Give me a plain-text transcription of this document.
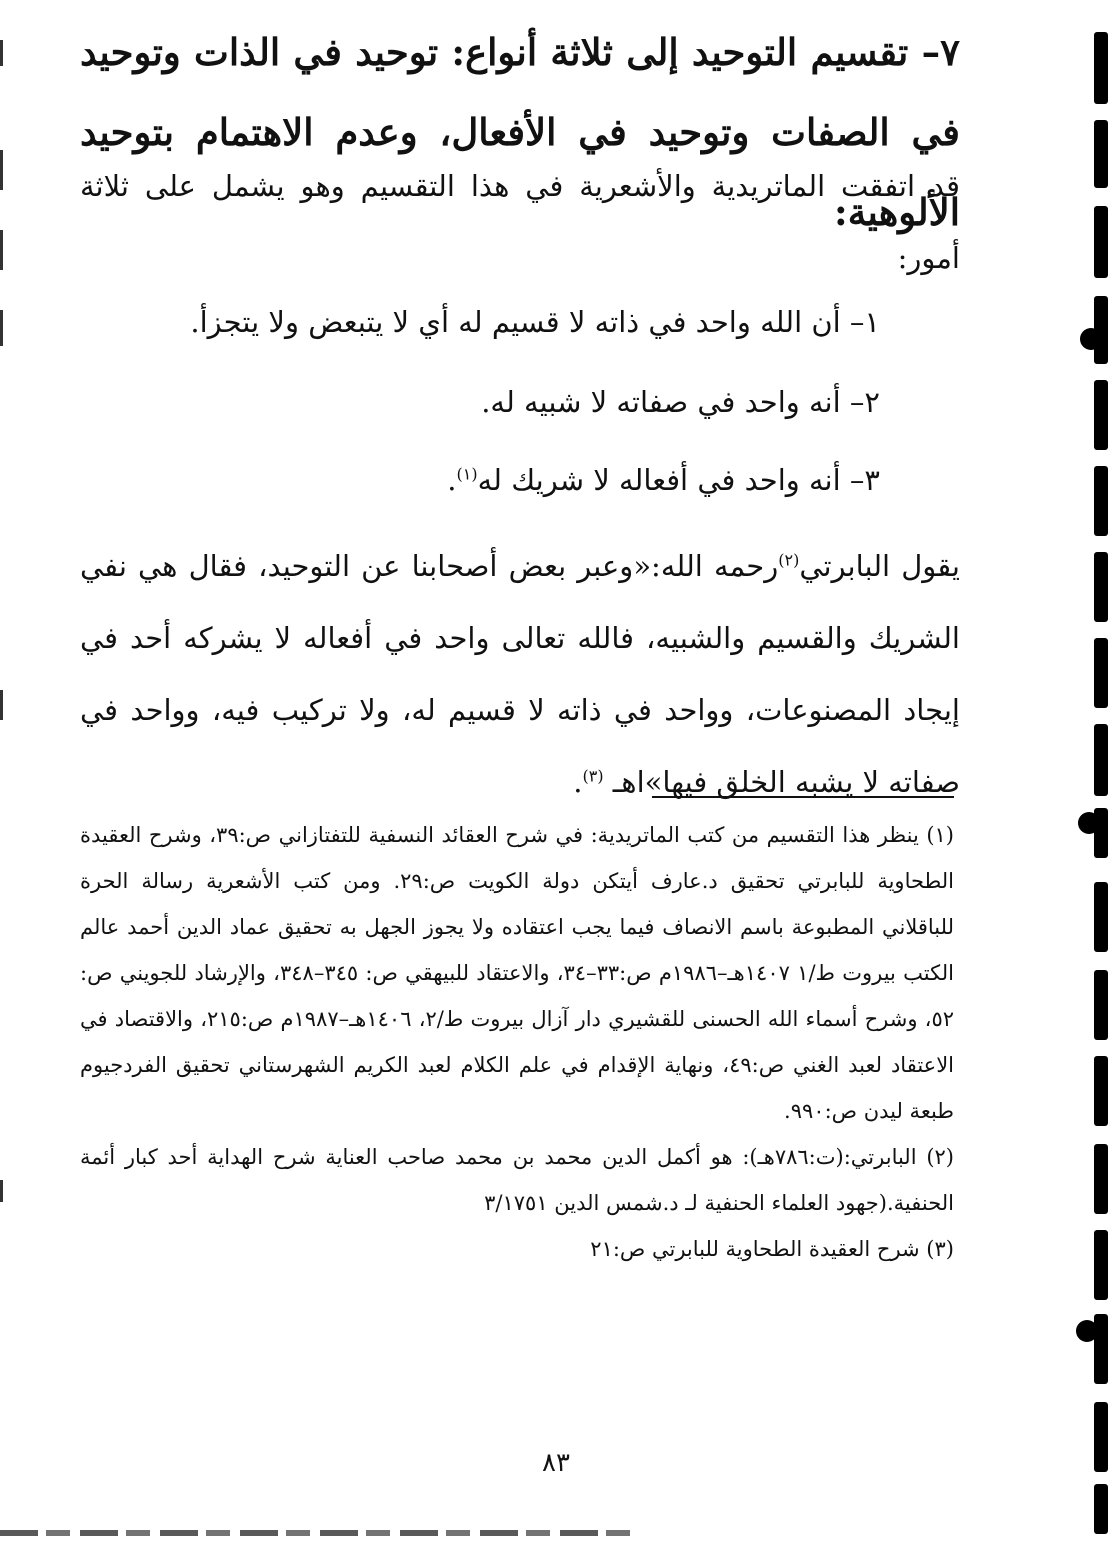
٧– تقسيم التوحيد إلى ثلاثة أنواع: توحيد في الذات وتوحيد في الصفات وتوحيد في الأفعال، وعدم الاهتمام بتوحيد الألوهية:
قد اتفقت الماتريدية والأشعرية في هذا التقسيم وهو يشمل على ثلاثة أمور:
١– أن الله واحد في ذاته لا قسيم له أي لا يتبعض ولا يتجزأ.
٢– أنه واحد في صفاته لا شبيه له.
٣– أنه واحد في أفعاله لا شريك له$^{(١)}$.
يقول البابرتي$^{(٢)}$رحمه الله:«وعبر بعض أصحابنا عن التوحيد، فقال هي نفي الشريك والقسيم والشبيه، فالله تعالى واحد في أفعاله لا يشركه أحد في إيجاد المصنوعات، وواحد في ذاته لا قسيم له، ولا تركيب فيه، وواحد في صفاته لا يشبه الخلق فيها»اهـ $^{(٣)}$.

(١) ينظر هذا التقسيم من كتب الماتريدية: في شرح العقائد النسفية للتفتازاني ص:٣٩، وشرح العقيدة الطحاوية للبابرتي تحقيق د.عارف أيتكن دولة الكويت ص:٢٩. ومن كتب الأشعرية رسالة الحرة للباقلاني المطبوعة باسم الانصاف فيما يجب اعتقاده ولا يجوز الجهل به تحقيق عماد الدين أحمد عالم الكتب بيروت ط/١ ١٤٠٧هـ–١٩٨٦م ص:٣٣–٣٤، والاعتقاد للبيهقي ص: ٣٤٥–٣٤٨، والإرشاد للجويني ص: ٥٢، وشرح أسماء الله الحسنى للقشيري دار آزال بيروت ط/٢، ١٤٠٦هـ–١٩٨٧م ص:٢١٥، والاقتصاد في الاعتقاد لعبد الغني ص:٤٩، ونهاية الإقدام في علم الكلام لعبد الكريم الشهرستاني تحقيق الفردجيوم طبعة ليدن ص:٩٩٠.

(٢) البابرتي:(ت:٧٨٦هـ): هو أكمل الدين محمد بن محمد صاحب العناية شرح الهداية أحد كبار أئمة الحنفية.(جهود العلماء الحنفية لـ د.شمس الدين ٣/١٧٥١

(٣) شرح العقيدة الطحاوية للبابرتي ص:٢١

٨٣
